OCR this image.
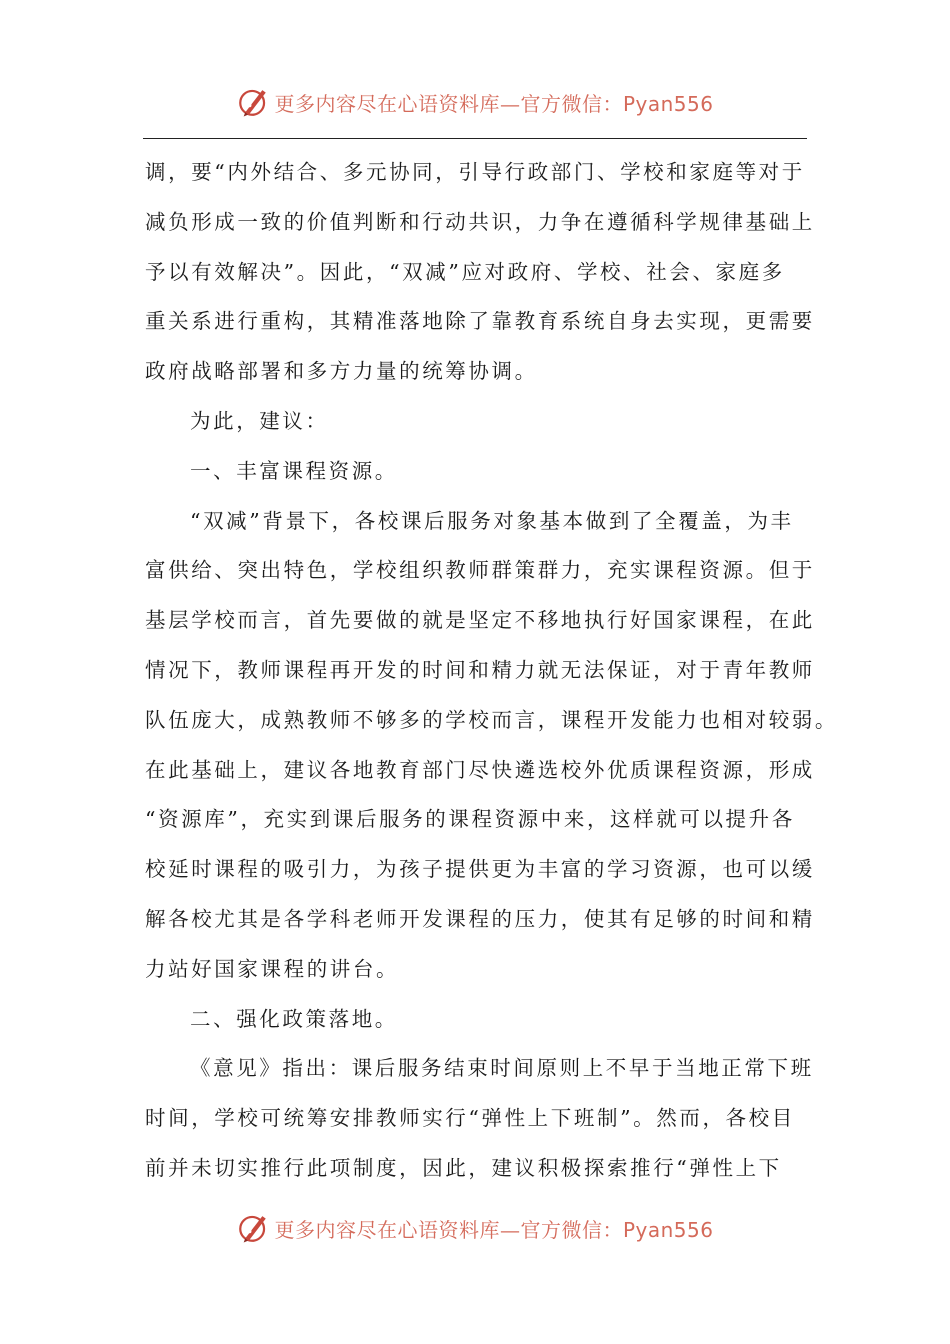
更多内容尽在心语资料库— 官方微信：Pyan556
调，要“内外结合、多元协同，引导行政部门、学校和家庭等对于
减负形成一致的价值判断和行动共识，力争在遵循科学规律基础上
予以有效解决”。因此，“双减”应对政府、学校、社会、家庭多
重关系进行重构，其精准落地除了靠教育系统自身去实现，更需要
政府战略部署和多方力量的统筹协调。
为此，建议：
一、丰富课程资源。
“双减”背景下，各校课后服务对象基本做到了全覆盖，为丰
富供给、突出特色，学校组织教师群策群力，充实课程资源。但于
基层学校而言，首先要做的就是坚定不移地执行好国家课程，在此
情况下，教师课程再开发的时间和精力就无法保证，对于青年教师
队伍庞大，成熟教师不够多的学校而言，课程开发能力也相对较弱。
在此基础上，建议各地教育部门尽快遴选校外优质课程资源，形成
“资源库”，充实到课后服务的课程资源中来，这样就可以提升各
校延时课程的吸引力，为孩子提供更为丰富的学习资源，也可以缓
解各校尤其是各学科老师开发课程的压力，使其有足够的时间和精
力站好国家课程的讲台。
二、强化政策落地。
《意见》指出：课后服务结束时间原则上不早于当地正常下班
时间，学校可统筹安排教师实行“弹性上下班制”。然而，各校目
前并未切实推行此项制度，因此，建议积极探索推行“弹性上下
更多内容尽在心语资料库— 官方微信：Pyan556
